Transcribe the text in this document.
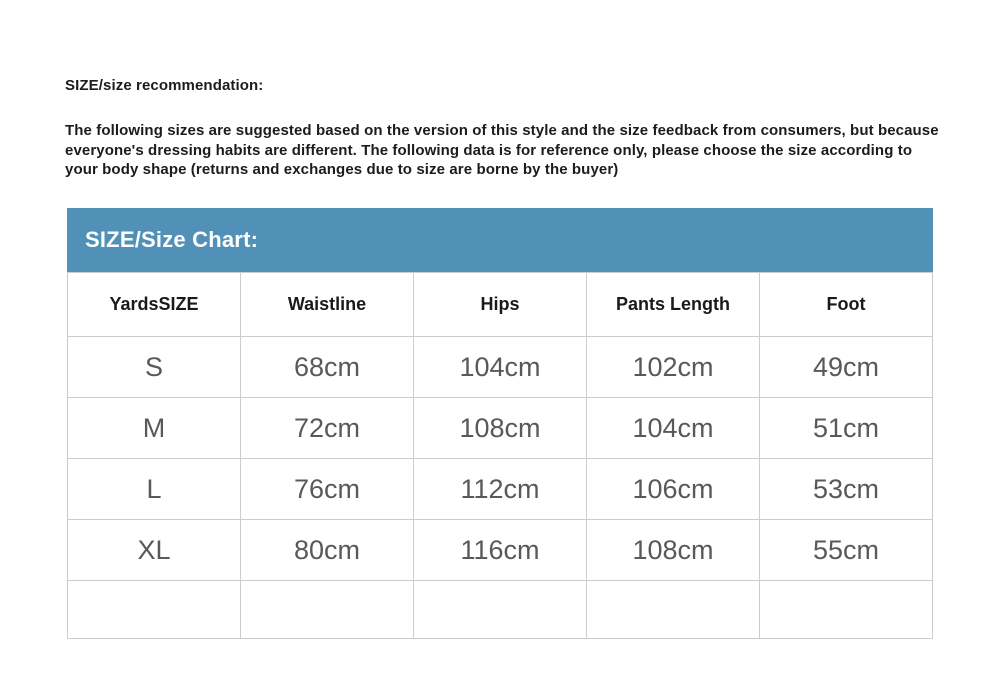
SIZE/size recommendation:
The following sizes are suggested based on the version of this style and the size feedback from consumers, but because everyone's dressing habits are different. The following data is for reference only, please choose the size according to your body shape (returns and exchanges due to size are borne by the buyer)
SIZE/Size Chart:
YardsSIZE	Waistline	Hips	Pants Length	Foot
S	68cm	104cm	102cm	49cm
M	72cm	108cm	104cm	51cm
L	76cm	112cm	106cm	53cm
XL	80cm	116cm	108cm	55cm
